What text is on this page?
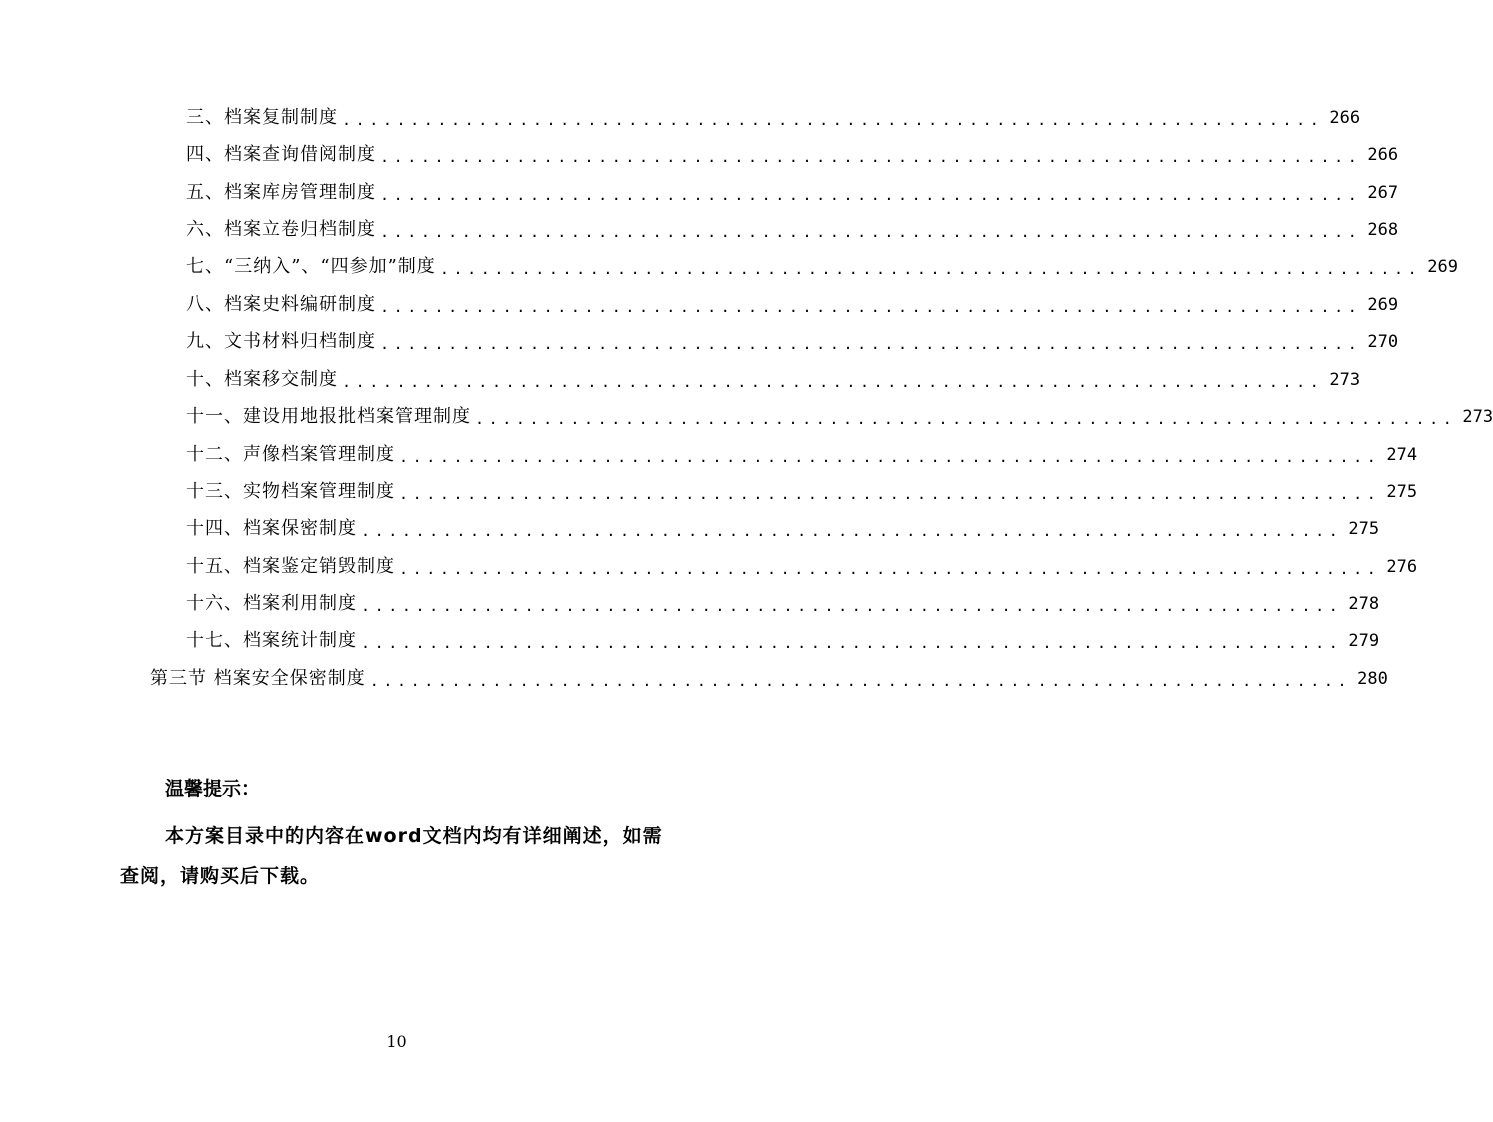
三、档案复制制度 ........................................................................ 266
四、档案查询借阅制度 ........................................................................ 266
五、档案库房管理制度 ........................................................................ 267
六、档案立卷归档制度 ........................................................................ 268
七、“三纳入”、“四参加”制度 ........................................................................ 269
八、档案史料编研制度 ........................................................................ 269
九、文书材料归档制度 ........................................................................ 270
十、档案移交制度 ........................................................................ 273
十一、建设用地报批档案管理制度 ........................................................................ 273
十二、声像档案管理制度 ........................................................................ 274
十三、实物档案管理制度 ........................................................................ 275
十四、档案保密制度 ........................................................................ 275
十五、档案鉴定销毁制度 ........................................................................ 276
十六、档案利用制度 ........................................................................ 278
十七、档案统计制度 ........................................................................ 279
第三节 档案安全保密制度 ........................................................................ 280
温馨提示：
本方案目录中的内容在word文档内均有详细阐述，如需查阅，请购买后下载。
10
